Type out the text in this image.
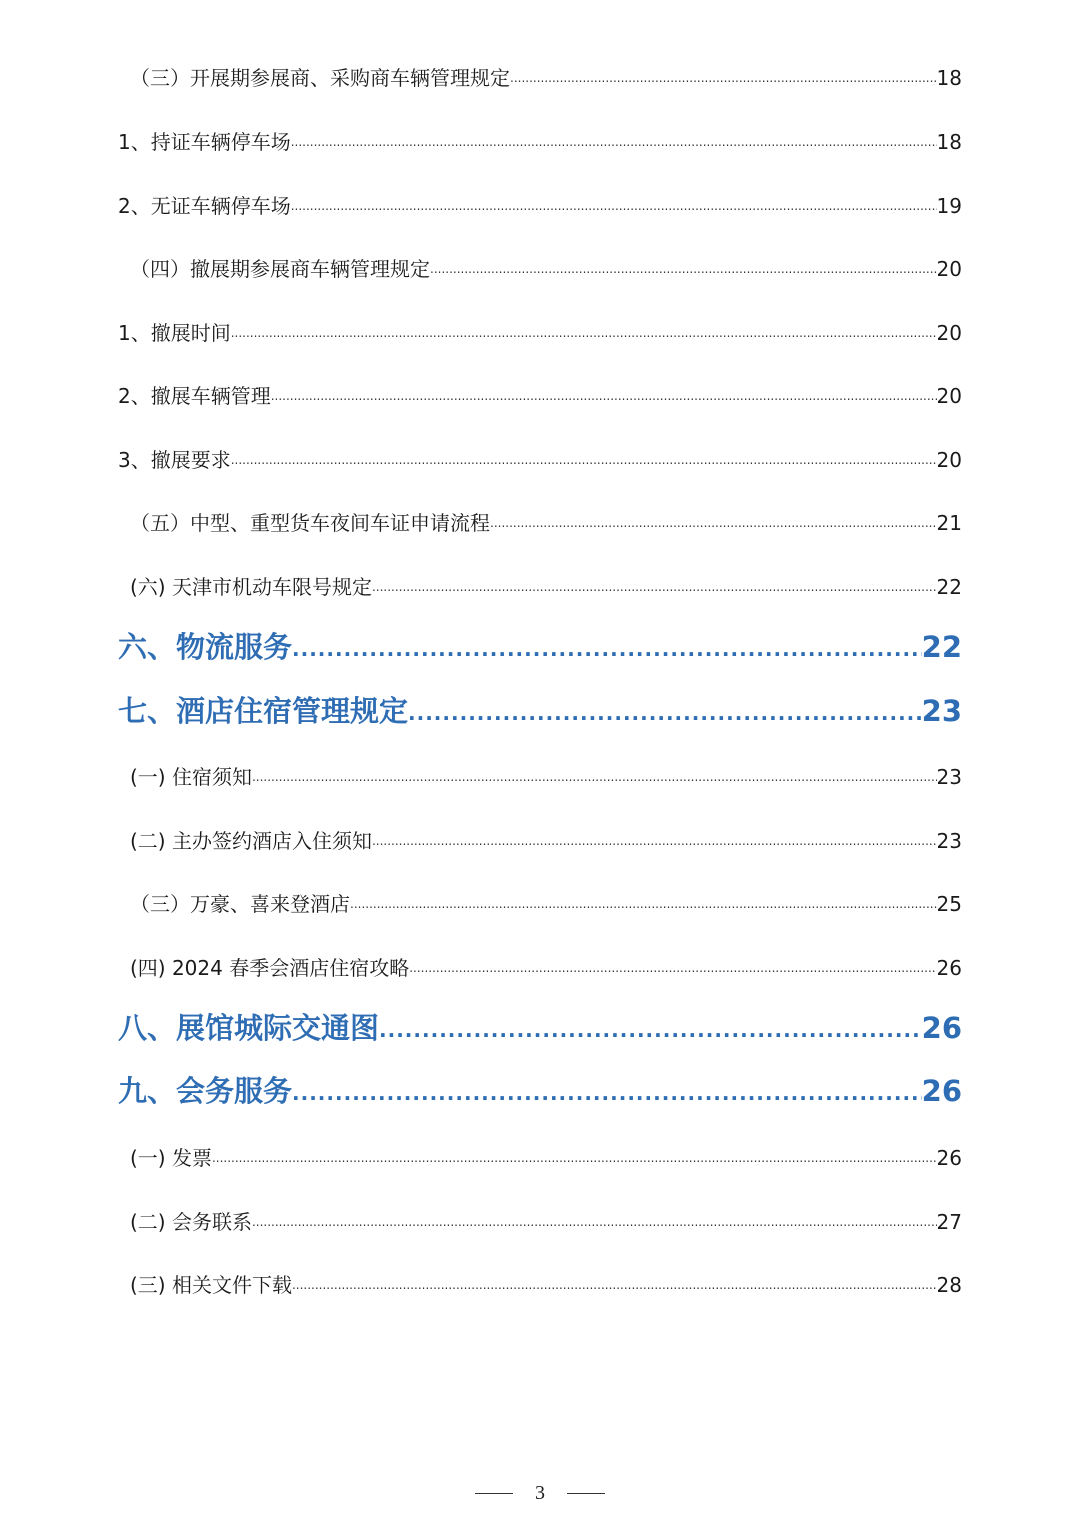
（三）开展期参展商、采购商车辆管理规定 .....	18
1、持证车辆停车场 .....	18
2、无证车辆停车场 .....	19
（四）撤展期参展商车辆管理规定 .....	20
1、撤展时间 .....	20
2、撤展车辆管理 .....	20
3、撤展要求 .....	20
（五）中型、重型货车夜间车证申请流程 .....	21
(六) 天津市机动车限号规定 .....	22
六、物流服务 .....	22
七、酒店住宿管理规定 .....	23
(一) 住宿须知 .....	23
(二) 主办签约酒店入住须知 .....	23
（三）万豪、喜来登酒店 .....	25
(四) 2024 春季会酒店住宿攻略 .....	26
八、展馆城际交通图 .....	26
九、会务服务 .....	26
(一) 发票 .....	26
(二) 会务联系 .....	27
(三) 相关文件下载 .....	28
3
